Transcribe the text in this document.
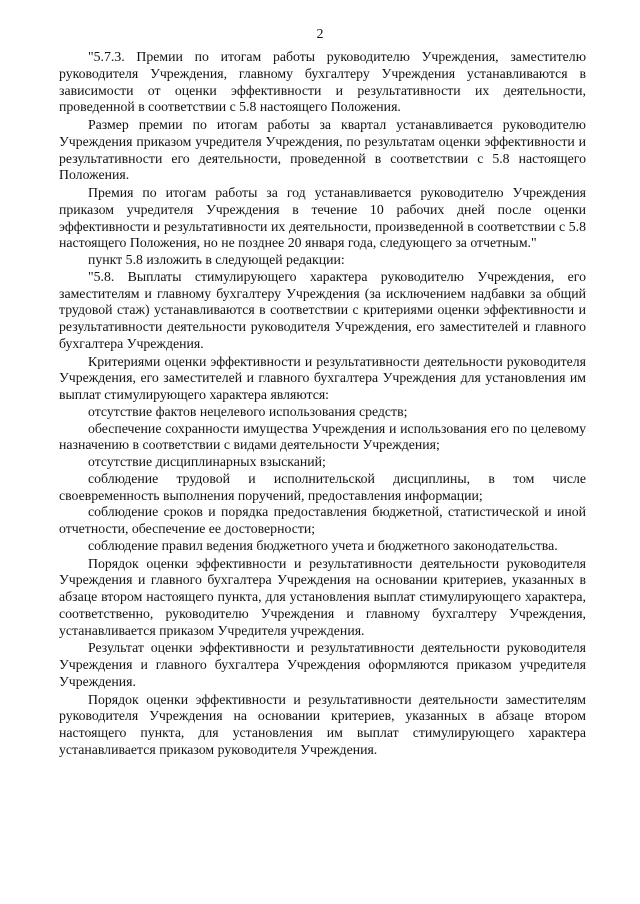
2

"5.7.3. Премии по итогам работы руководителю Учреждения, заместителю руководителя Учреждения, главному бухгалтеру Учреждения устанавливаются в зависимости от оценки эффективности и результативности их деятельности, проведенной в соответствии с 5.8 настоящего Положения.

Размер премии по итогам работы за квартал устанавливается руководителю Учреждения приказом учредителя Учреждения, по результатам оценки эффективности и результативности его деятельности, проведенной в соответствии с 5.8 настоящего Положения.

Премия по итогам работы за год устанавливается руководителю Учреждения приказом учредителя Учреждения в течение 10 рабочих дней после оценки эффективности и результативности их деятельности, произведенной в соответствии с 5.8 настоящего Положения, но не позднее 20 января года, следующего за отчетным."

пункт 5.8 изложить в следующей редакции:

"5.8. Выплаты стимулирующего характера руководителю Учреждения, его заместителям и главному бухгалтеру Учреждения (за исключением надбавки за общий трудовой стаж) устанавливаются в соответствии с критериями оценки эффективности и результативности деятельности руководителя Учреждения, его заместителей и главного бухгалтера Учреждения.

Критериями оценки эффективности и результативности деятельности руководителя Учреждения, его заместителей и главного бухгалтера Учреждения для установления им выплат стимулирующего характера являются:

отсутствие фактов нецелевого использования средств;

обеспечение сохранности имущества Учреждения и использования его по целевому назначению в соответствии с видами деятельности Учреждения;

отсутствие дисциплинарных взысканий;

соблюдение трудовой и исполнительской дисциплины, в том числе своевременность выполнения поручений, предоставления информации;

соблюдение сроков и порядка предоставления бюджетной, статистической и иной отчетности, обеспечение ее достоверности;

соблюдение правил ведения бюджетного учета и бюджетного законодательства.

Порядок оценки эффективности и результативности деятельности руководителя Учреждения и главного бухгалтера Учреждения на основании критериев, указанных в абзаце втором настоящего пункта, для установления выплат стимулирующего характера, соответственно, руководителю Учреждения и главному бухгалтеру Учреждения, устанавливается приказом Учредителя учреждения.

Результат оценки эффективности и результативности деятельности руководителя Учреждения и главного бухгалтера Учреждения оформляются приказом учредителя Учреждения.

Порядок оценки эффективности и результативности деятельности заместителям руководителя Учреждения на основании критериев, указанных в абзаце втором настоящего пункта, для установления им выплат стимулирующего характера устанавливается приказом руководителя Учреждения.
